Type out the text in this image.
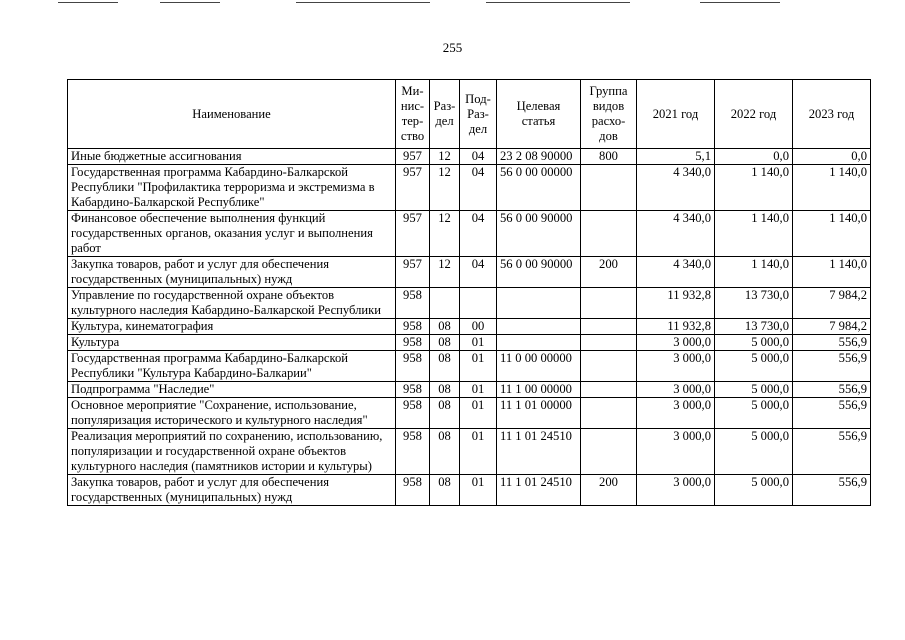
255
Наименование	Ми-
нис-
тер-
ство	Раз-
дел	Под-
Раз-
дел	Целевая
статья	Группа
видов
расхо-
дов	2021 год	2022 год	2023 год
Иные бюджетные ассигнования	957	12	04	23 2 08 90000	800	5,1	0,0	0,0
Государственная программа Кабардино-Балкарской Республики "Профилактика терроризма и экстремизма в Кабардино-Балкарской Республике"	957	12	04	56 0 00 00000		4 340,0	1 140,0	1 140,0
Финансовое обеспечение выполнения функций государственных органов, оказания услуг и выполнения работ	957	12	04	56 0 00 90000		4 340,0	1 140,0	1 140,0
Закупка товаров, работ и услуг для обеспечения государственных (муниципальных) нужд	957	12	04	56 0 00 90000	200	4 340,0	1 140,0	1 140,0
Управление по государственной охране объектов культурного наследия Кабардино-Балкарской Республики	958					11 932,8	13 730,0	7 984,2
Культура, кинематография	958	08	00			11 932,8	13 730,0	7 984,2
Культура	958	08	01			3 000,0	5 000,0	556,9
Государственная программа Кабардино-Балкарской Республики "Культура Кабардино-Балкарии"	958	08	01	11 0 00 00000		3 000,0	5 000,0	556,9
Подпрограмма "Наследие"	958	08	01	11 1 00 00000		3 000,0	5 000,0	556,9
Основное мероприятие "Сохранение, использование, популяризация исторического и культурного наследия"	958	08	01	11 1 01 00000		3 000,0	5 000,0	556,9
Реализация мероприятий по сохранению, использованию, популяризации и государственной охране объектов культурного наследия (памятников истории и культуры)	958	08	01	11 1 01 24510		3 000,0	5 000,0	556,9
Закупка товаров, работ и услуг для обеспечения государственных (муниципальных) нужд	958	08	01	11 1 01 24510	200	3 000,0	5 000,0	556,9
